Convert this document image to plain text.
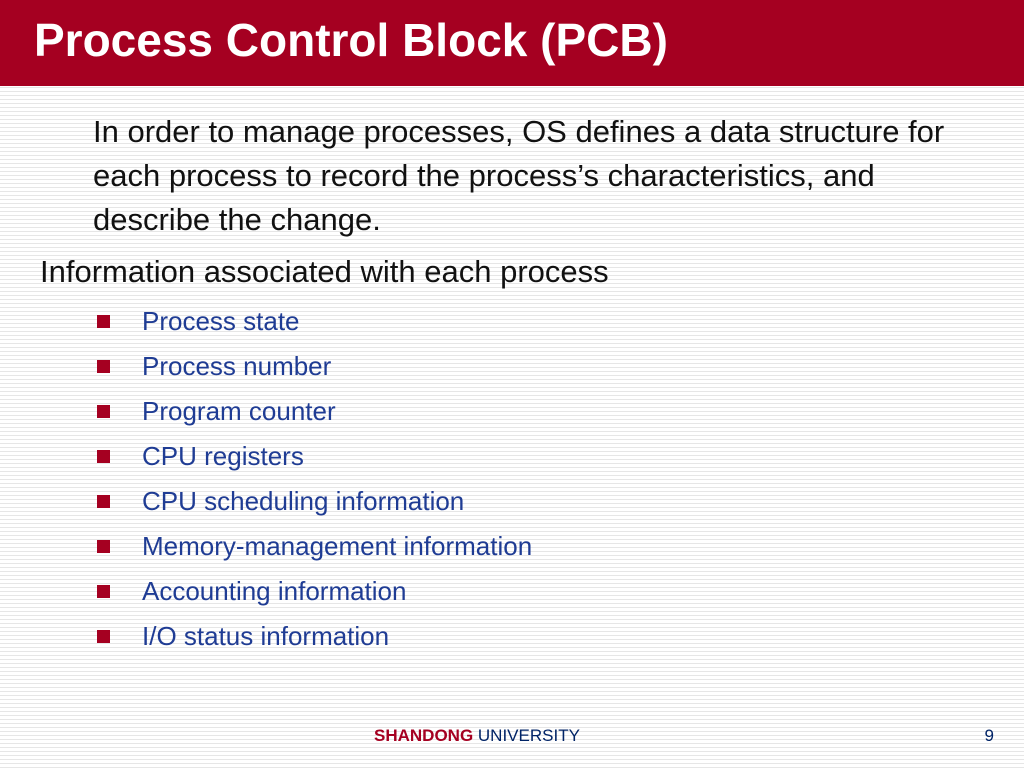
Process Control Block (PCB)

In order to manage processes, OS defines a data structure for each process to record the process’s characteristics, and describe the change.

Information associated with each process

Process state
Process number
Program counter
CPU registers
CPU scheduling information
Memory-management information
Accounting information
I/O status information
SHANDONG UNIVERSITY	9
